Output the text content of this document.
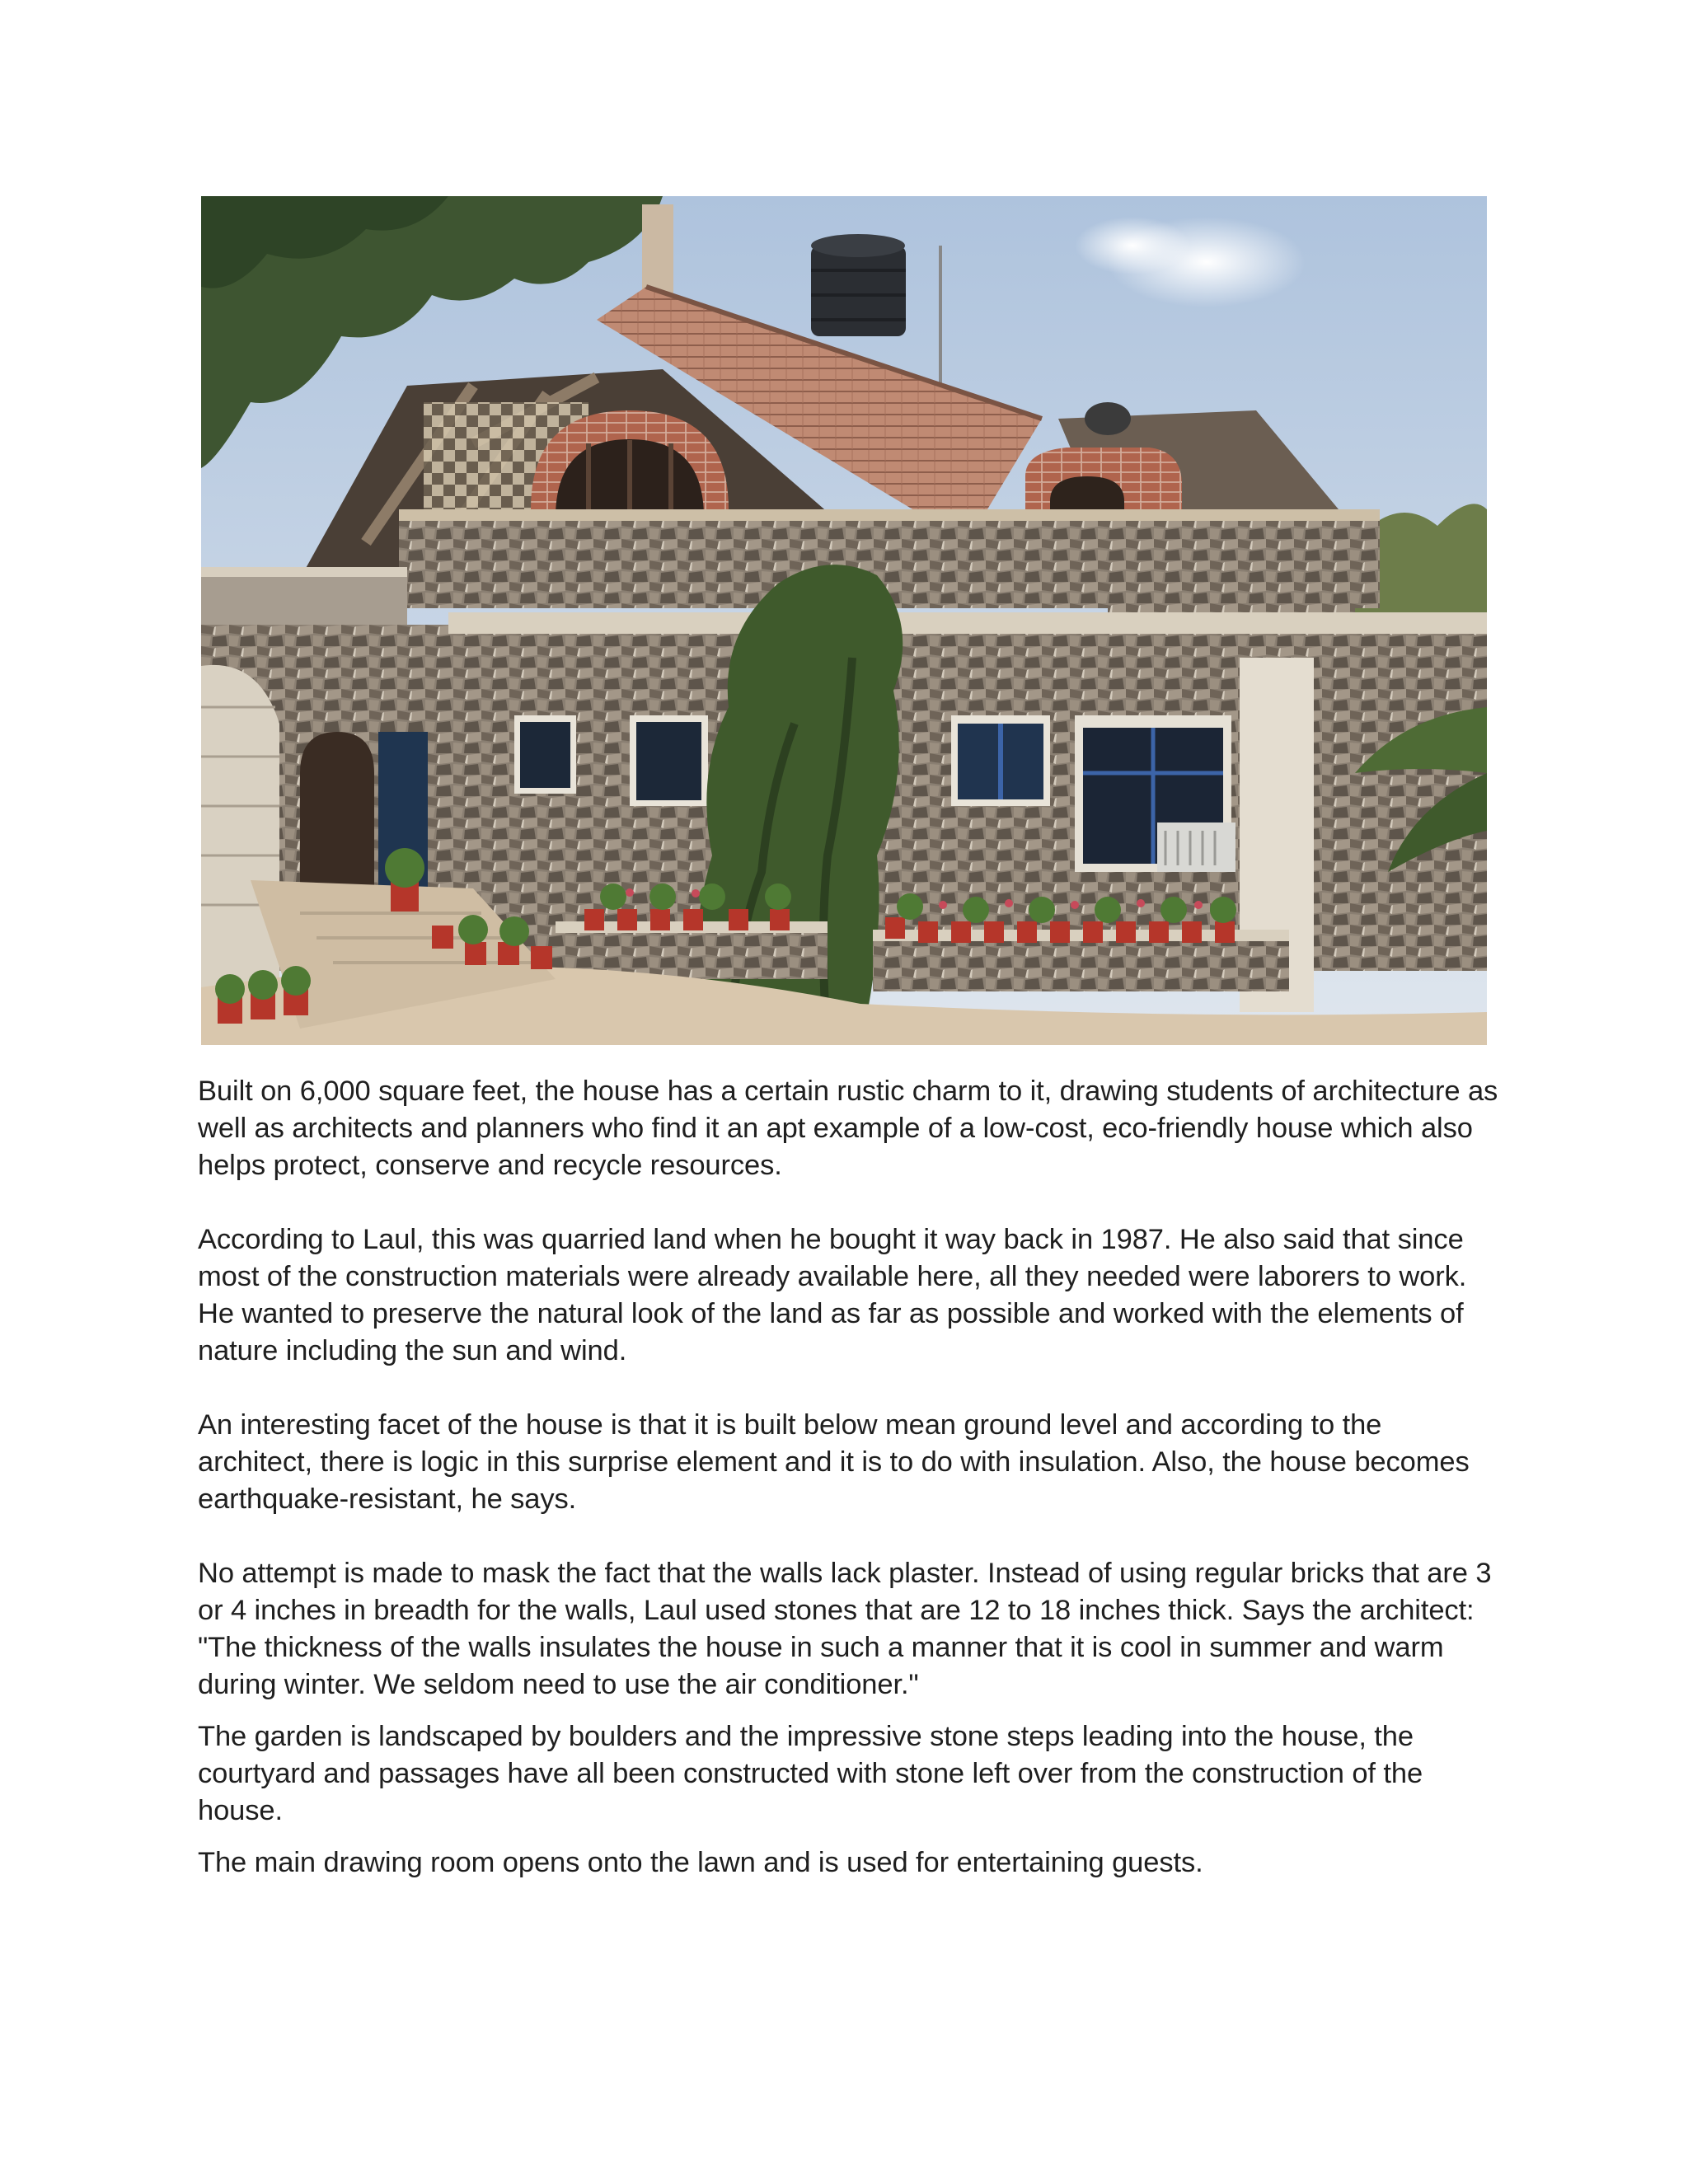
Built on 6,000 square feet, the house has a certain rustic charm to it, drawing students of architecture as well as architects and planners who find it an apt example of a low-cost, eco-friendly house which also helps protect, conserve and recycle resources.

According to Laul, this was quarried land when he bought it way back in 1987. He also said that since most of the construction materials were already available here, all they needed were laborers to work. He wanted to preserve the natural look of the land as far as possible and worked with the elements of nature including the sun and wind.

An interesting facet of the house is that it is built below mean ground level and according to the architect, there is logic in this surprise element and it is to do with insulation. Also, the house becomes earthquake-resistant, he says.

No attempt is made to mask the fact that the walls lack plaster. Instead of using regular bricks that are 3 or 4 inches in breadth for the walls, Laul used stones that are 12 to 18 inches thick. Says the architect: "The thickness of the walls insulates the house in such a manner that it is cool in summer and warm during winter. We seldom need to use the air conditioner."

The garden is landscaped by boulders and the impressive stone steps leading into the house, the courtyard and passages have all been constructed with stone left over from the construction of the house.

The main drawing room opens onto the lawn and is used for entertaining guests.
